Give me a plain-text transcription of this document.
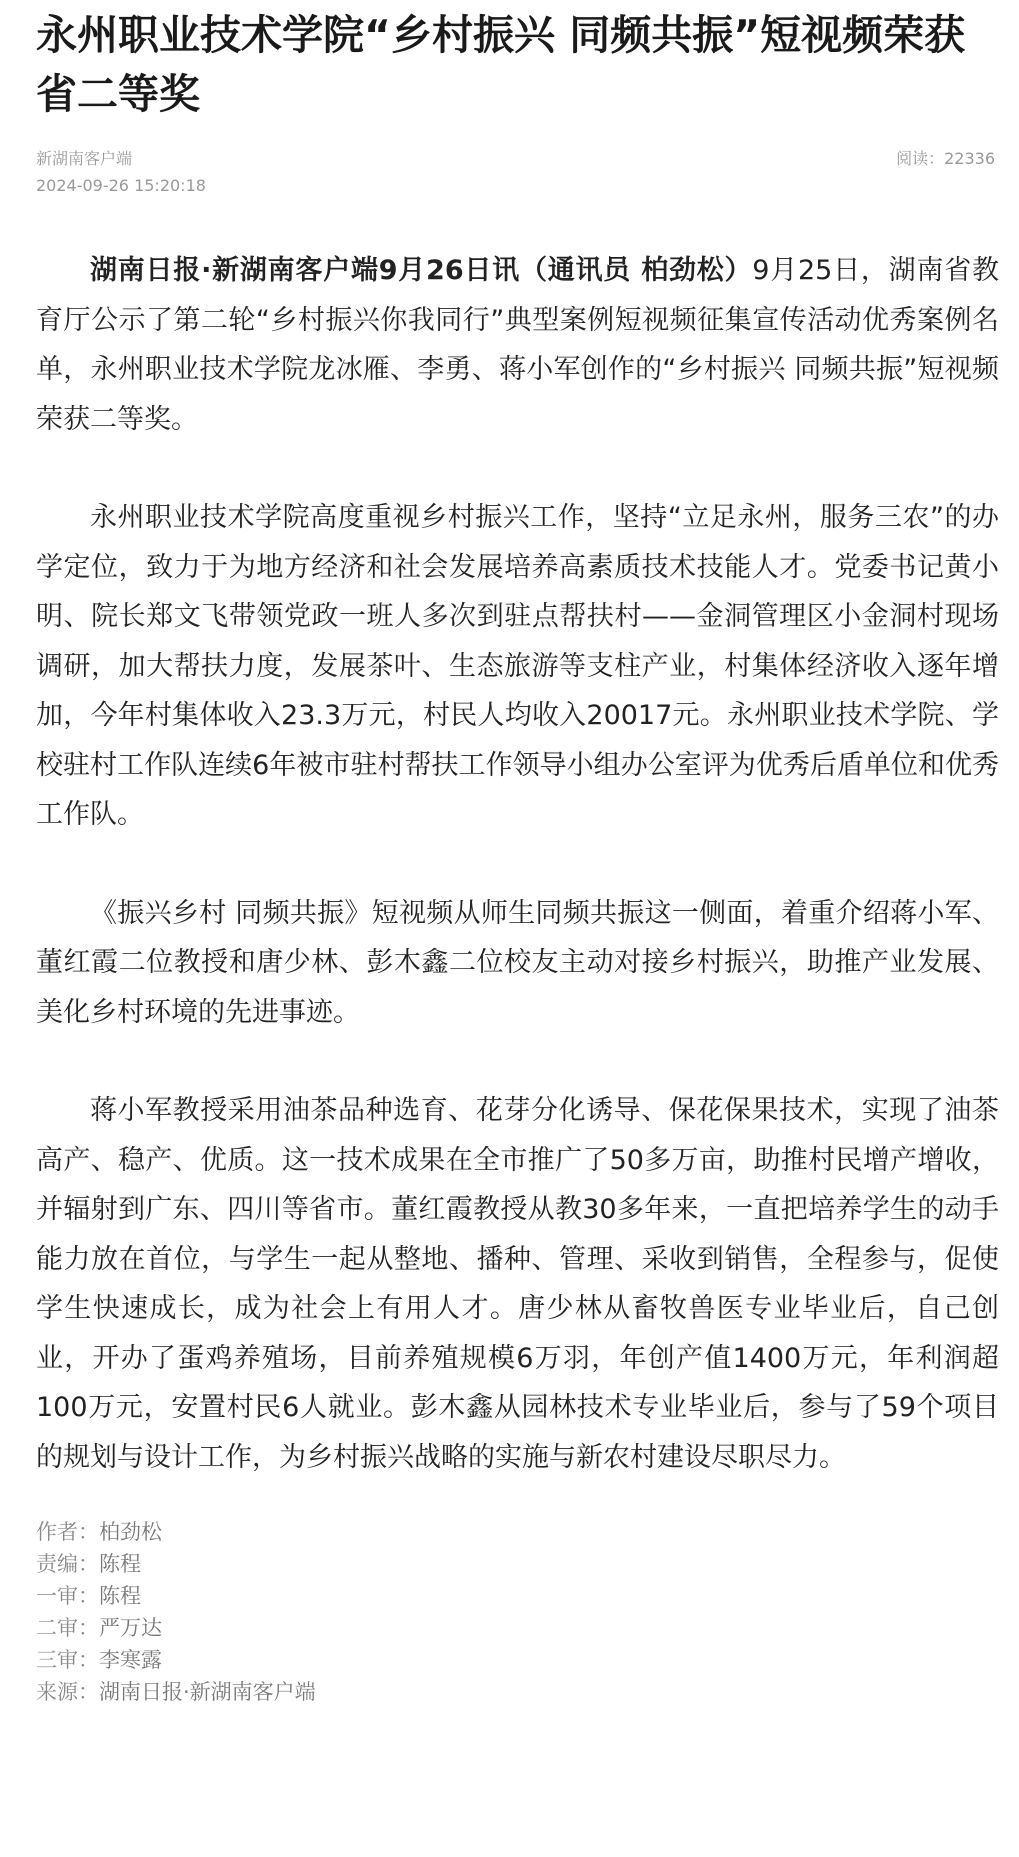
永州职业技术学院“乡村振兴 同频共振”短视频荣获省二等奖
新湖南客户端
2024-09-26 15:20:18
阅读：22336

湖南日报·新湖南客户端9月26日讯（通讯员 柏劲松）9月25日，湖南省教育厅公示了第二轮“乡村振兴你我同行”典型案例短视频征集宣传活动优秀案例名单，永州职业技术学院龙冰雁、李勇、蒋小军创作的“乡村振兴 同频共振”短视频荣获二等奖。

永州职业技术学院高度重视乡村振兴工作，坚持“立足永州，服务三农”的办学定位，致力于为地方经济和社会发展培养高素质技术技能人才。党委书记黄小明、院长郑文飞带领党政一班人多次到驻点帮扶村——金洞管理区小金洞村现场调研，加大帮扶力度，发展茶叶、生态旅游等支柱产业，村集体经济收入逐年增加，今年村集体收入23.3万元，村民人均收入20017元。永州职业技术学院、学校驻村工作队连续6年被市驻村帮扶工作领导小组办公室评为优秀后盾单位和优秀工作队。

《振兴乡村 同频共振》短视频从师生同频共振这一侧面，着重介绍蒋小军、董红霞二位教授和唐少林、彭木鑫二位校友主动对接乡村振兴，助推产业发展、美化乡村环境的先进事迹。

蒋小军教授采用油茶品种选育、花芽分化诱导、保花保果技术，实现了油茶高产、稳产、优质。这一技术成果在全市推广了50多万亩，助推村民增产增收，并辐射到广东、四川等省市。董红霞教授从教30多年来，一直把培养学生的动手能力放在首位，与学生一起从整地、播种、管理、采收到销售，全程参与，促使学生快速成长，成为社会上有用人才。唐少林从畜牧兽医专业毕业后，自己创业，开办了蛋鸡养殖场，目前养殖规模6万羽，年创产值1400万元，年利润超100万元，安置村民6人就业。彭木鑫从园林技术专业毕业后，参与了59个项目的规划与设计工作，为乡村振兴战略的实施与新农村建设尽职尽力。

作者：柏劲松
责编：陈程
一审：陈程
二审：严万达
三审：李寒露
来源：湖南日报·新湖南客户端
